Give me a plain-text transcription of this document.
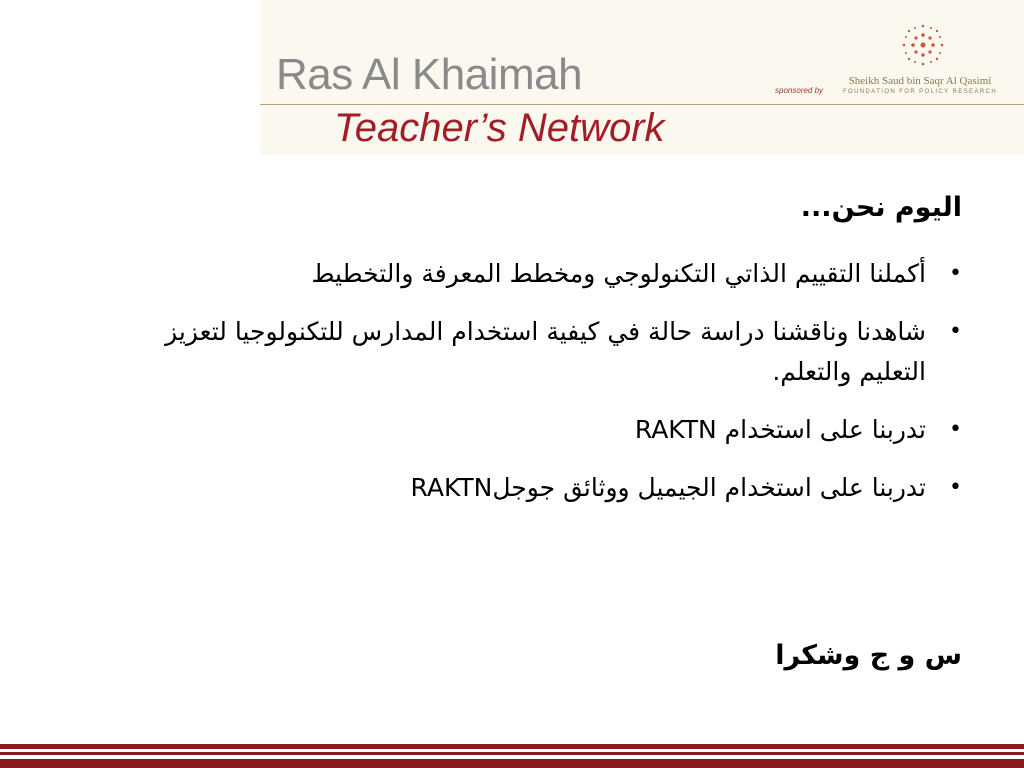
Ras Al Khaimah
Teacher’s Network
sponsored by
Sheikh Saud bin Saqr Al Qasimi
FOUNDATION FOR POLICY RESEARCH
اليوم نحن...
•
أكملنا التقييم الذاتي التكنولوجي ومخطط المعرفة والتخطيط
•
شاهدنا وناقشنا دراسة حالة في كيفية استخدام المدارس للتكنولوجيا لتعزيز التعليم والتعلم.
•
تدربنا على استخدام RAKTN
•
تدربنا على استخدام الجيميل ووثائق جوجلRAKTN
س و ج وشكرا
